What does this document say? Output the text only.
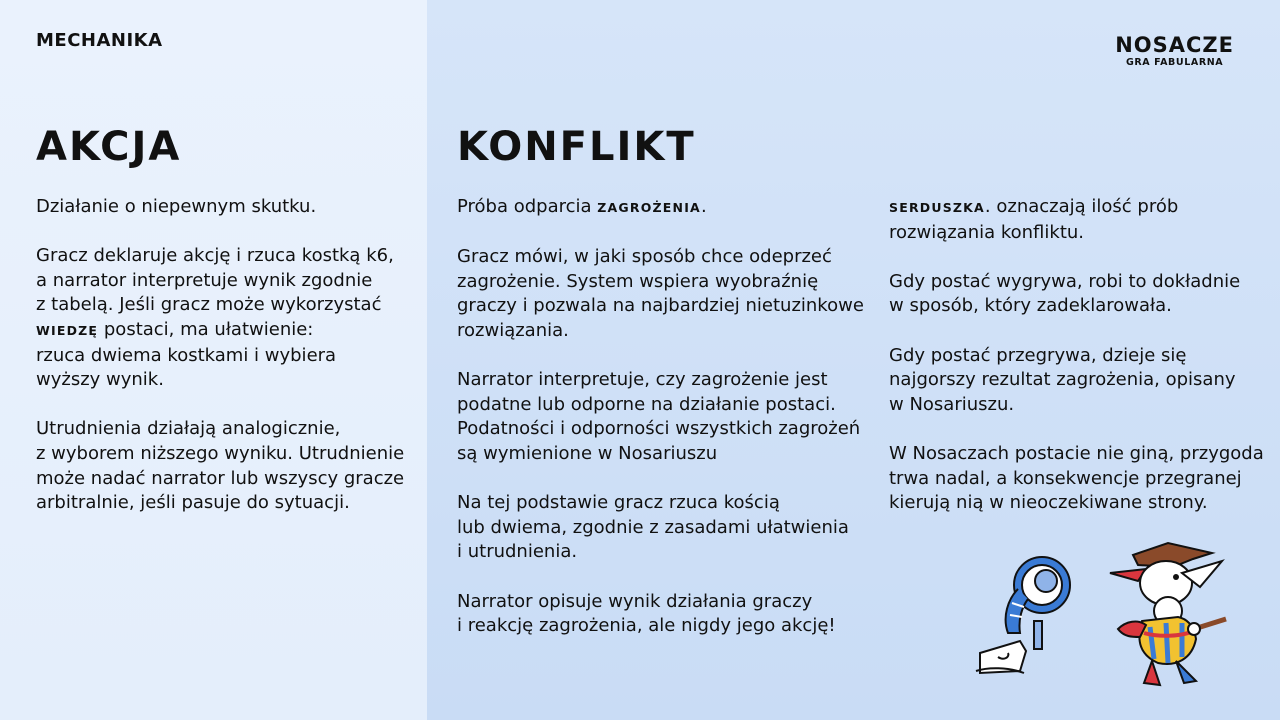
MECHANIKA	NOSACZE
GRA FABULARNA
AKCJA

Działanie o niepewnym skutku.

Gracz deklaruje akcję i rzuca kostką k6,
a narrator interpretuje wynik zgodnie
z tabelą. Jeśli gracz może wykorzystać
WIEDZĘ postaci, ma ułatwienie:
rzuca dwiema kostkami i wybiera
wyższy wynik.

Utrudnienia działają analogicznie,
z wyborem niższego wyniku. Utrudnienie
może nadać narrator lub wszyscy gracze
arbitralnie, jeśli pasuje do sytuacji.

KONFLIKT

Próba odparcia ZAGROŻENIA.

Gracz mówi, w jaki sposób chce odeprzeć
zagrożenie. System wspiera wyobraźnię
graczy i pozwala na najbardziej nietuzinkowe
rozwiązania.

Narrator interpretuje, czy zagrożenie jest
podatne lub odporne na działanie postaci.
Podatności i odporności wszystkich zagrożeń
są wymienione w Nosariuszu

Na tej podstawie gracz rzuca kością
lub dwiema, zgodnie z zasadami ułatwienia
i utrudnienia.

Narrator opisuje wynik działania graczy
i reakcję zagrożenia, ale nigdy jego akcję!

SERDUSZKA. oznaczają ilość prób
rozwiązania konfliktu.

Gdy postać wygrywa, robi to dokładnie
w sposób, który zadeklarowała.

Gdy postać przegrywa, dzieje się
najgorszy rezultat zagrożenia, opisany
w Nosariuszu.

W Nosaczach postacie nie giną, przygoda
trwa nadal, a konsekwencje przegranej
kierują nią w nieoczekiwane strony.
